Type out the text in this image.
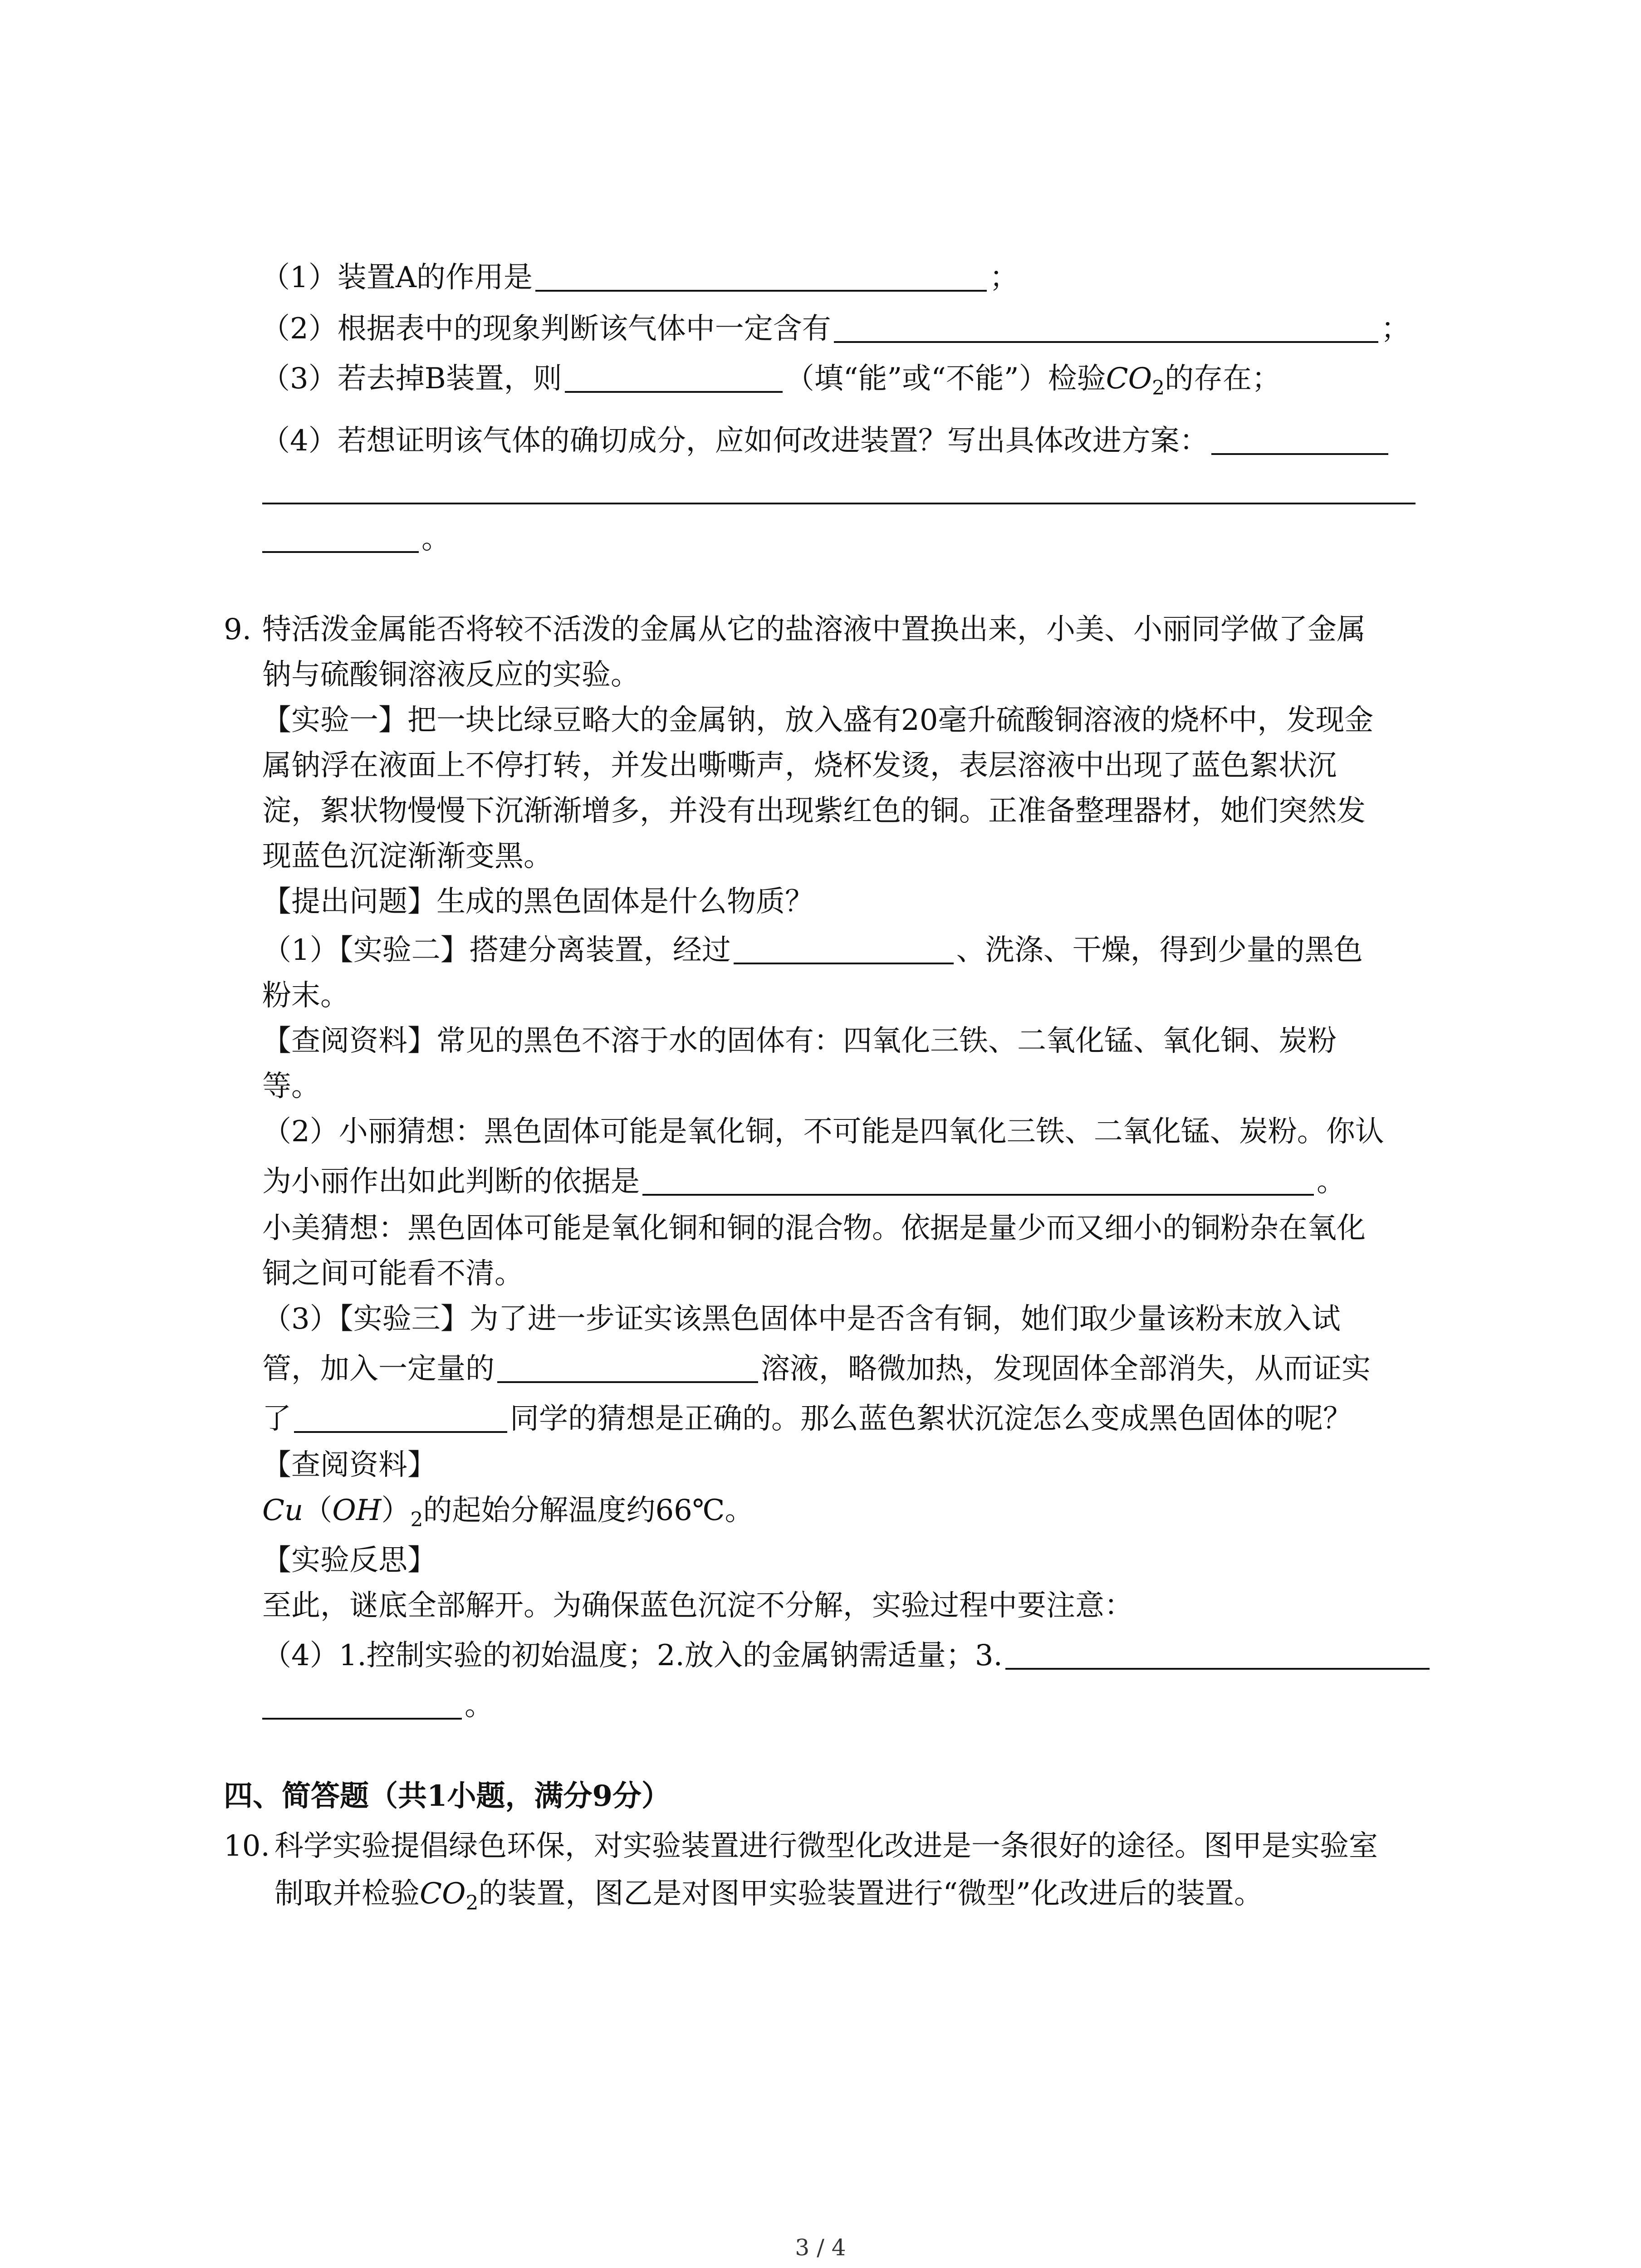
（1）装置A的作用是	；
（2）根据表中的现象判断该气体中一定含有	；
（3）若去掉B装置，则	（填“能”或“不能”）检验$CO_2$的存在；
（4）若想证明该气体的确切成分，应如何改进装置？写出具体改进方案：
。
9. 特活泼金属能否将较不活泼的金属从它的盐溶液中置换出来，小美、小丽同学做了金属
钠与硫酸铜溶液反应的实验。
【实验一】把一块比绿豆略大的金属钠，放入盛有20毫升硫酸铜溶液的烧杯中，发现金
属钠浮在液面上不停打转，并发出嘶嘶声，烧杯发烫，表层溶液中出现了蓝色絮状沉
淀，絮状物慢慢下沉渐渐增多，并没有出现紫红色的铜。正准备整理器材，她们突然发
现蓝色沉淀渐渐变黑。
【提出问题】生成的黑色固体是什么物质？
（1）【实验二】搭建分离装置，经过	、洗涤、干燥，得到少量的黑色
粉末。
【查阅资料】常见的黑色不溶于水的固体有：四氧化三铁、二氧化锰、氧化铜、炭粉
等。
（2）小丽猜想：黑色固体可能是氧化铜，不可能是四氧化三铁、二氧化锰、炭粉。你认
为小丽作出如此判断的依据是	。
小美猜想：黑色固体可能是氧化铜和铜的混合物。依据是量少而又细小的铜粉杂在氧化
铜之间可能看不清。
（3）【实验三】为了进一步证实该黑色固体中是否含有铜，她们取少量该粉末放入试
管，加入一定量的	溶液，略微加热，发现固体全部消失，从而证实
了	同学的猜想是正确的。那么蓝色絮状沉淀怎么变成黑色固体的呢？
【查阅资料】
$Cu(OH)_2$的起始分解温度约66℃。
【实验反思】
至此，谜底全部解开。为确保蓝色沉淀不分解，实验过程中要注意：
（4）1.控制实验的初始温度；2.放入的金属钠需适量；3.
。
四、简答题（共1小题，满分9分）
10. 科学实验提倡绿色环保，对实验装置进行微型化改进是一条很好的途径。图甲是实验室
制取并检验$CO_2$的装置，图乙是对图甲实验装置进行“微型”化改进后的装置。
3 / 4
